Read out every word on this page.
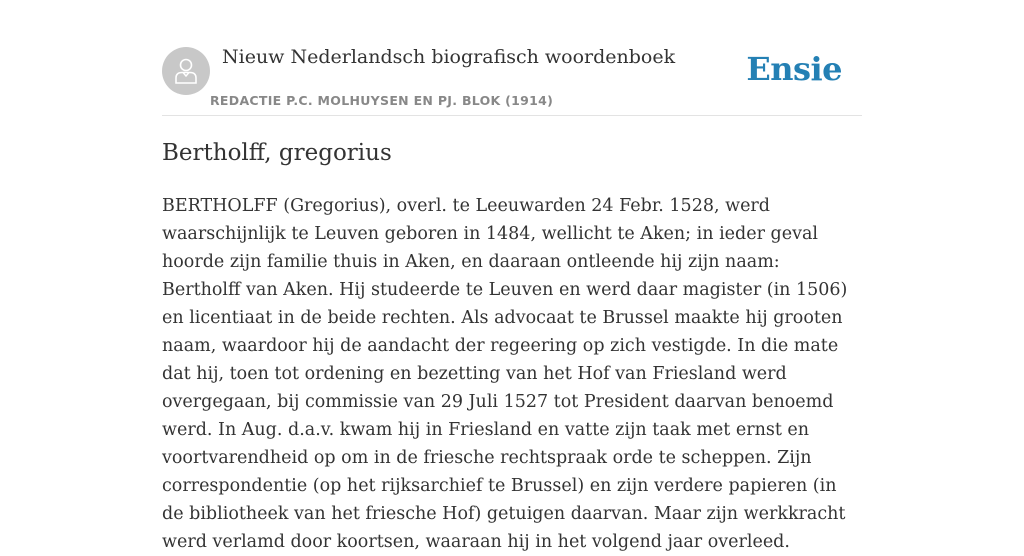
Nieuw Nederlandsch biografisch woordenboek
REDACTIE P.C. MOLHUYSEN EN PJ. BLOK (1914)
Ensie
Bertholff, gregorius

BERTHOLFF (Gregorius), overl. te Leeuwarden 24 Febr. 1528, werd waarschijnlijk te Leuven geboren in 1484, wellicht te Aken; in ieder geval hoorde zijn familie thuis in Aken, en daaraan ontleende hij zijn naam: Bertholff van Aken. Hij studeerde te Leuven en werd daar magister (in 1506) en licentiaat in de beide rechten. Als advocaat te Brussel maakte hij grooten naam, waardoor hij de aandacht der regeering op zich vestigde. In die mate dat hij, toen tot ordening en bezetting van het Hof van Friesland werd overgegaan, bij commissie van 29 Juli 1527 tot President daarvan benoemd werd. In Aug. d.a.v. kwam hij in Friesland en vatte zijn taak met ernst en voortvarendheid op om in de friesche rechtspraak orde te scheppen. Zijn correspondentie (op het rijksarchief te Brussel) en zijn verdere papieren (in de bibliotheek van het friesche Hof) getuigen daarvan. Maar zijn werkkracht werd verlamd door koortsen, waaraan hij in het volgend jaar overleed.
